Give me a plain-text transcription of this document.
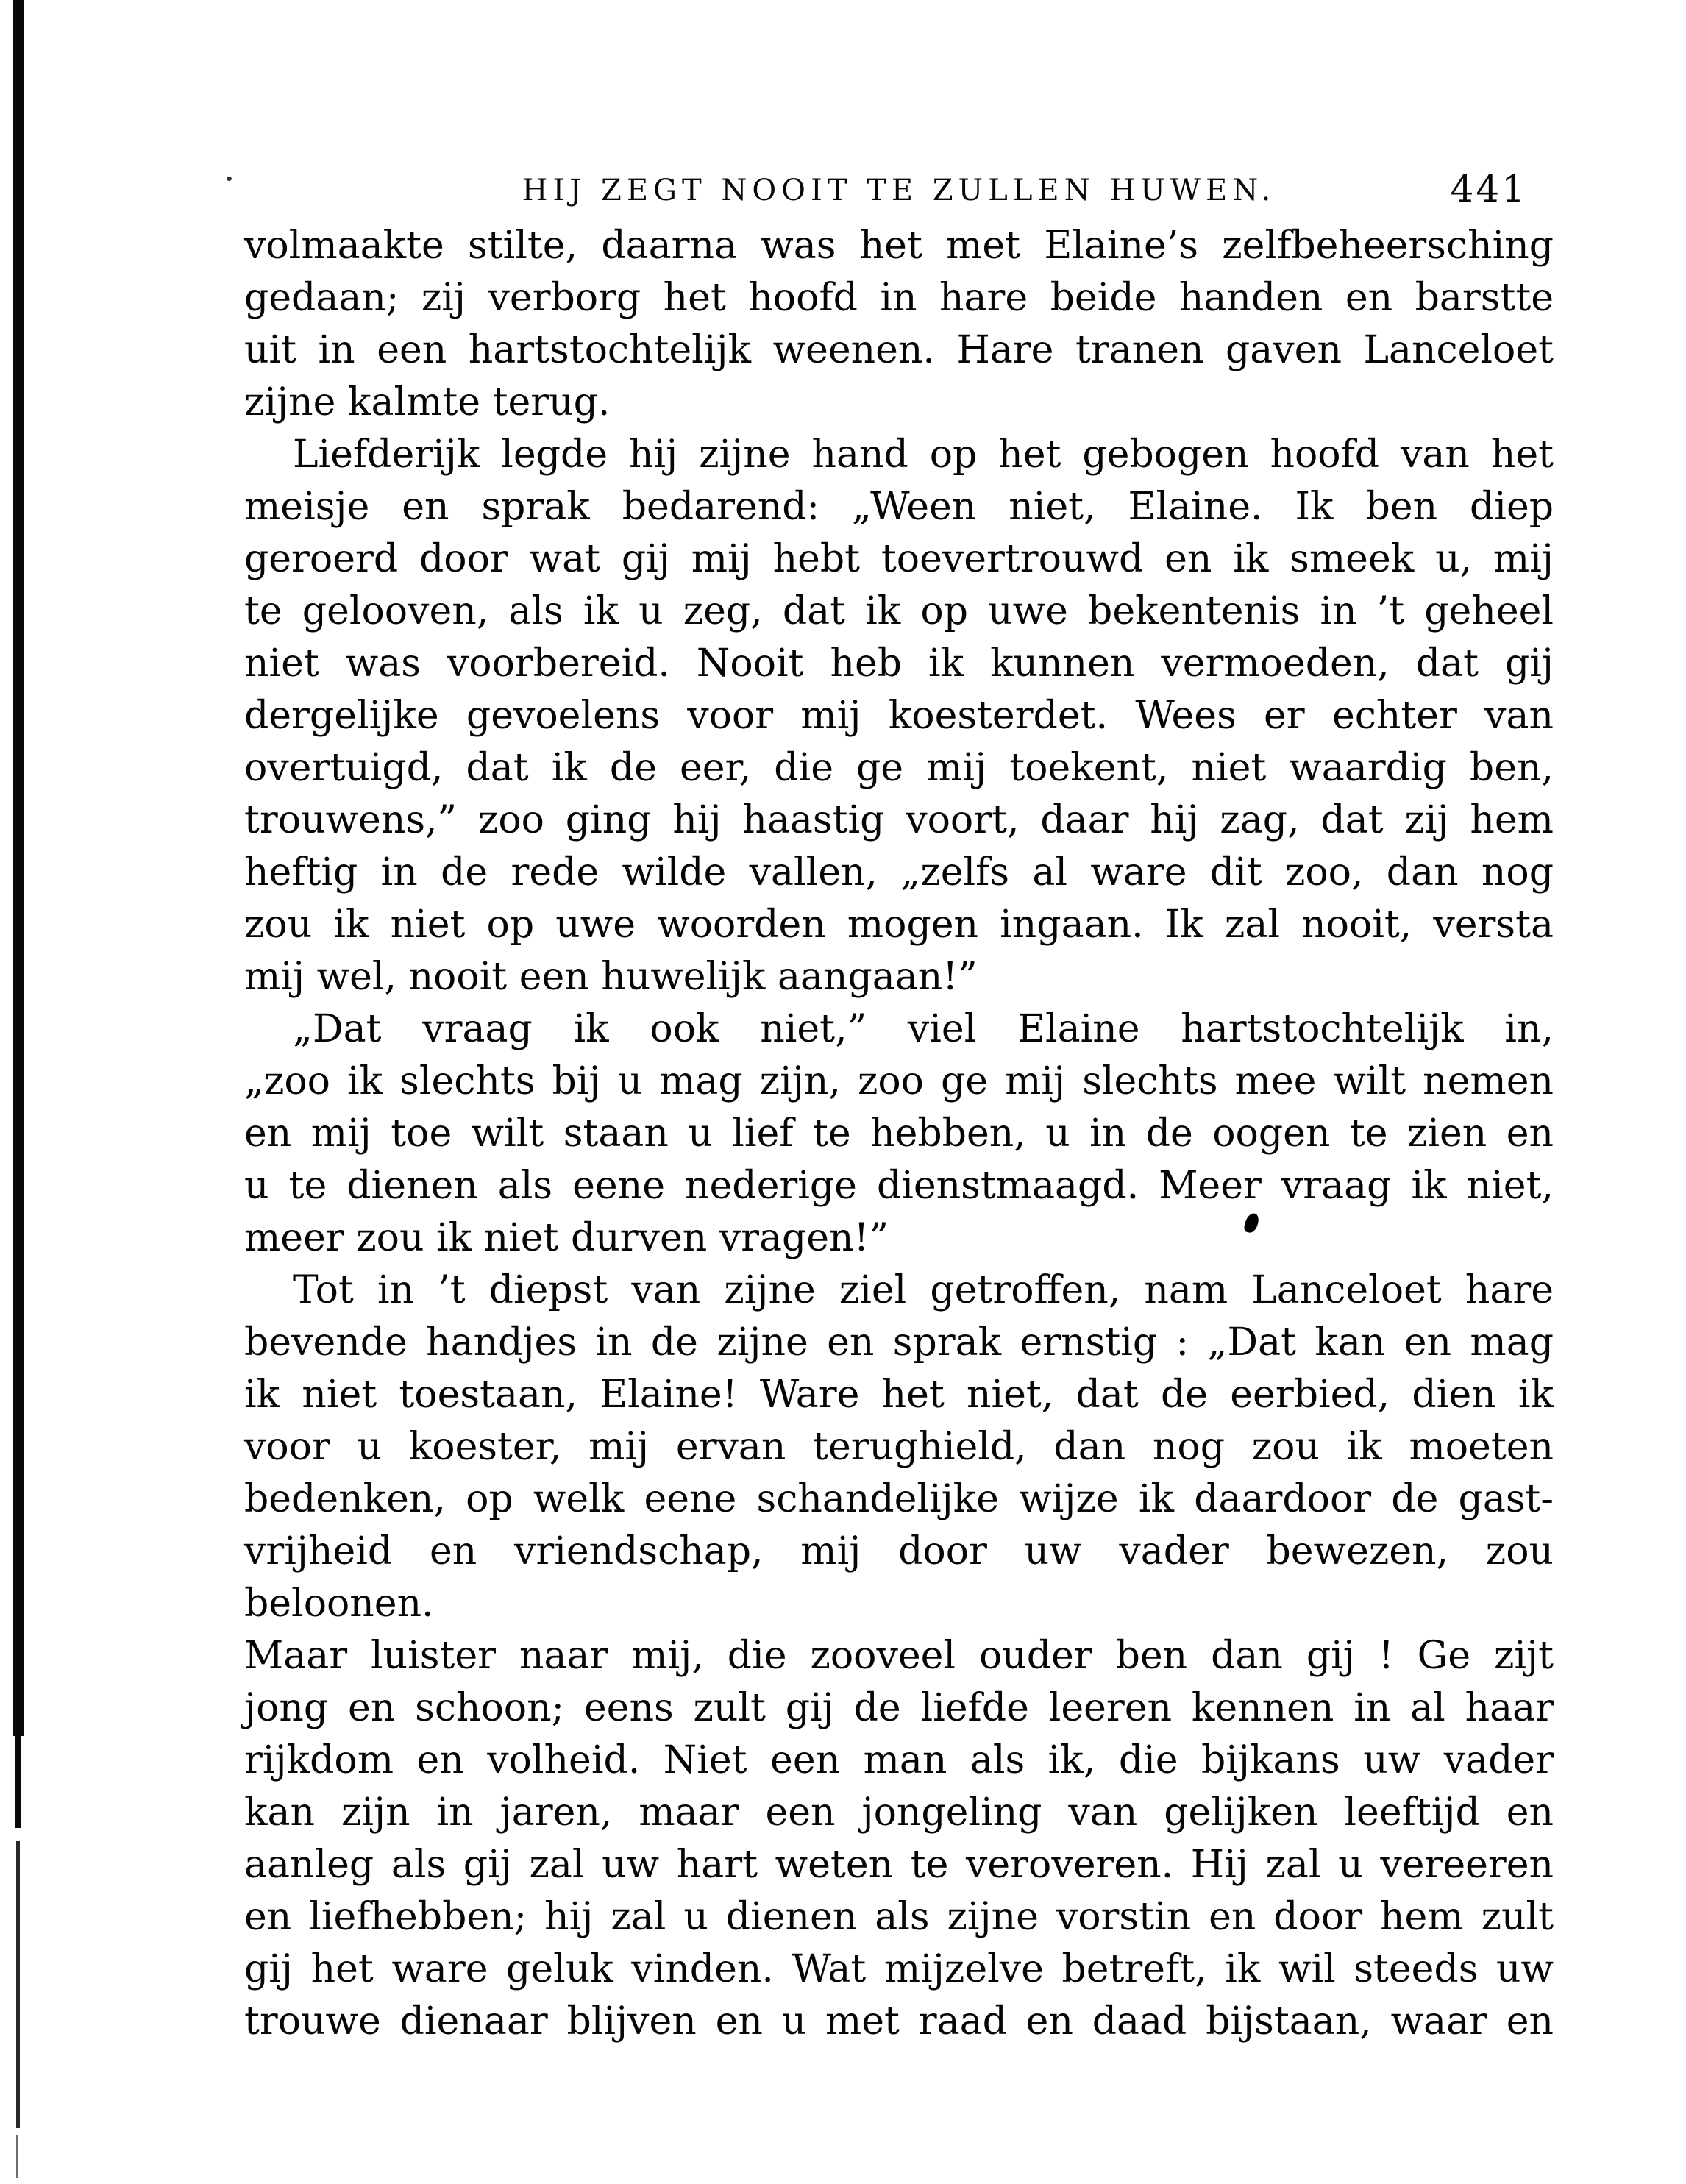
HIJ ZEGT NOOIT TE ZULLEN HUWEN.	441

volmaakte stilte, daarna was het met Elaine’s zelfbeheersching
gedaan; zij verborg het hoofd in hare beide handen en barstte
uit in een hartstochtelijk weenen. Hare tranen gaven Lanceloet
zijne kalmte terug.

Liefderijk legde hij zijne hand op het gebogen hoofd van het
meisje en sprak bedarend: „Ween niet, Elaine. Ik ben diep
geroerd door wat gij mij hebt toevertrouwd en ik smeek u, mij
te gelooven, als ik u zeg, dat ik op uwe bekentenis in ’t geheel
niet was voorbereid. Nooit heb ik kunnen vermoeden, dat gij
dergelijke gevoelens voor mij koesterdet. Wees er echter van
overtuigd, dat ik de eer, die ge mij toekent, niet waardig ben,
trouwens,” zoo ging hij haastig voort, daar hij zag, dat zij hem
heftig in de rede wilde vallen, „zelfs al ware dit zoo, dan nog
zou ik niet op uwe woorden mogen ingaan. Ik zal nooit, versta
mij wel, nooit een huwelijk aangaan!”

„Dat vraag ik ook niet,” viel Elaine hartstochtelijk in,
„zoo ik slechts bij u mag zijn, zoo ge mij slechts mee wilt nemen
en mij toe wilt staan u lief te hebben, u in de oogen te zien en
u te dienen als eene nederige dienstmaagd. Meer vraag ik niet,
meer zou ik niet durven vragen!”

Tot in ’t diepst van zijne ziel getroffen, nam Lanceloet hare
bevende handjes in de zijne en sprak ernstig : „Dat kan en mag
ik niet toestaan, Elaine! Ware het niet, dat de eerbied, dien ik
voor u koester, mij ervan terughield, dan nog zou ik moeten
bedenken, op welk eene schandelijke wijze ik daardoor de gast-
vrijheid en vriendschap, mij door uw vader bewezen, zou beloonen.
Maar luister naar mij, die zooveel ouder ben dan gij ! Ge zijt
jong en schoon; eens zult gij de liefde leeren kennen in al haar
rijkdom en volheid. Niet een man als ik, die bijkans uw vader
kan zijn in jaren, maar een jongeling van gelijken leeftijd en
aanleg als gij zal uw hart weten te veroveren. Hij zal u vereeren
en liefhebben; hij zal u dienen als zijne vorstin en door hem zult
gij het ware geluk vinden. Wat mijzelve betreft, ik wil steeds uw
trouwe dienaar blijven en u met raad en daad bijstaan, waar en
